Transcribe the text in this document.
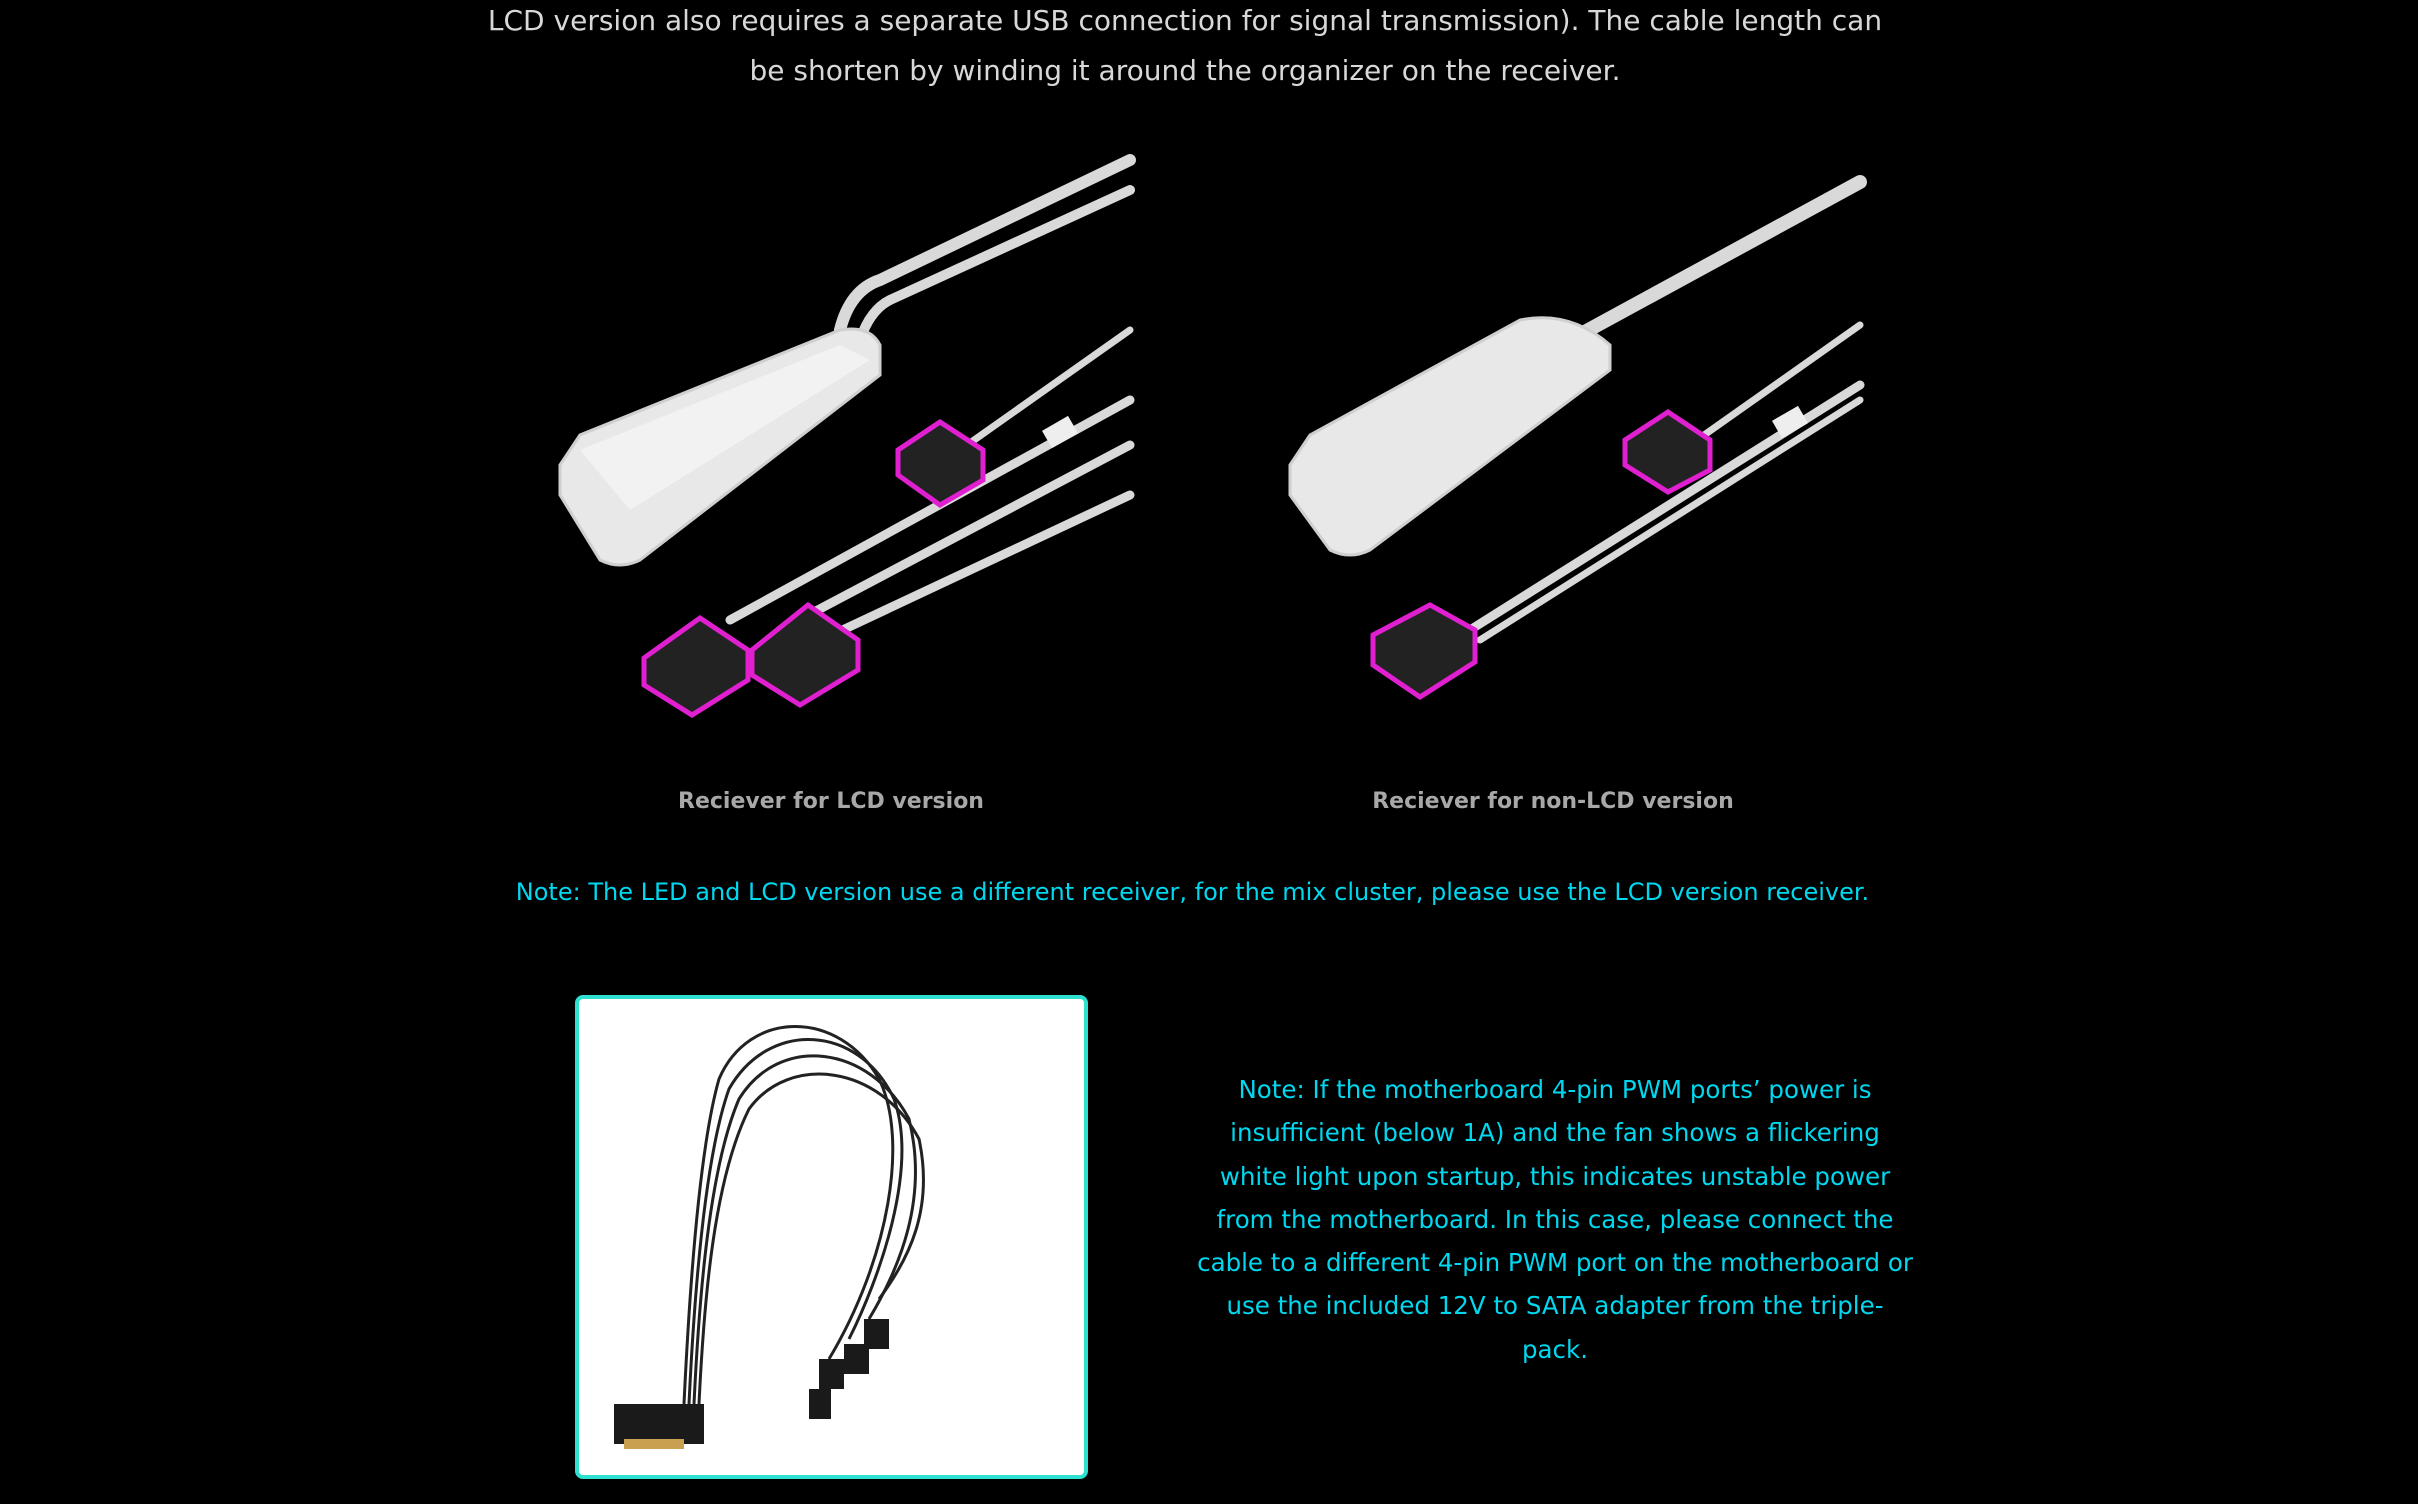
LCD version also requires a separate USB connection for signal transmission). The cable length can
be shorten by winding it around the organizer on the receiver.
Reciever for LCD version	Reciever for non-LCD version
Note: The LED and LCD version use a different receiver, for the mix cluster, please use the LCD version receiver.
Note: If the motherboard 4-pin PWM ports’ power is insufficient (below 1A) and the fan shows a flickering white light upon startup, this indicates unstable power from the motherboard. In this case, please connect the cable to a different 4-pin PWM port on the motherboard or use the included 12V to SATA adapter from the triple-pack.
